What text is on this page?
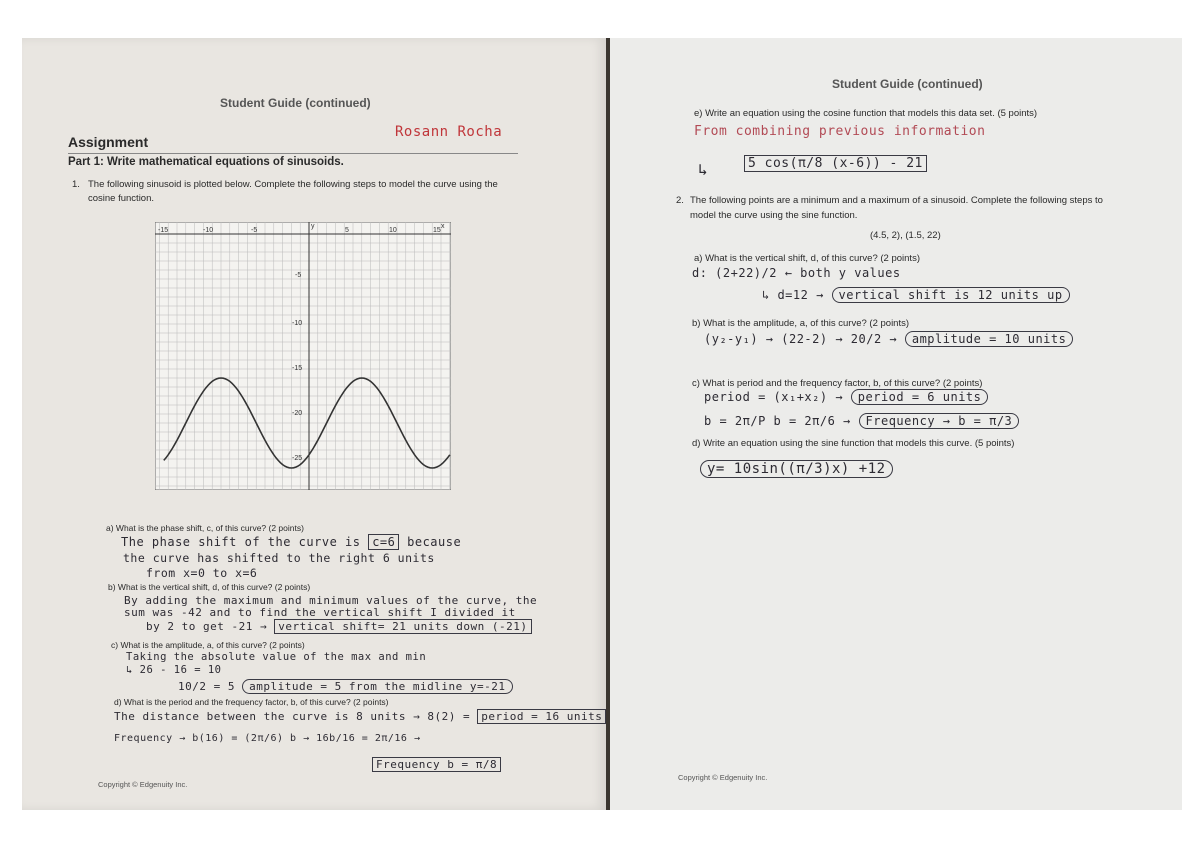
Student Guide (continued)
Assignment
Rosann Rocha
Part 1: Write mathematical equations of sinusoids.
1. The following sinusoid is plotted below. Complete the following steps to model the curve using the
cosine function.
-15	-10	-5	5	10	15
x
y
-5
-10
-15
-20
-25
a) What is the phase shift, c, of this curve? (2 points)
The phase shift of the curve is c=6 because
the curve has shifted to the right 6 units
from x=0 to x=6
b) What is the vertical shift, d, of this curve? (2 points)
By adding the maximum and minimum values of the curve, the
sum was -42 and to find the vertical shift I divided it
by 2 to get -21 → vertical shift= 21 units down (-21)
c) What is the amplitude, a, of this curve? (2 points)
Taking the absolute value of the max and min
↳ 26 - 16 = 10
10/2 = 5 amplitude = 5 from the midline y=-21
d) What is the period and the frequency factor, b, of this curve? (2 points)
The distance between the curve is 8 units → 8(2) = period = 16 units
Frequency → b(16) = (2π/6) b → 16b/16 = 2π/16 →
Frequency b = π/8
Copyright © Edgenuity Inc.
Student Guide (continued)
e) Write an equation using the cosine function that models this data set. (5 points)
From combining previous information
↳	5 cos(π/8 (x-6)) - 21
2. The following points are a minimum and a maximum of a sinusoid. Complete the following steps to
model the curve using the sine function.
(4.5, 2), (1.5, 22)
a) What is the vertical shift, d, of this curve? (2 points)
d: (2+22)/2 ← both y values
↳ d=12 → vertical shift is 12 units up
b) What is the amplitude, a, of this curve? (2 points)
(y₂-y₁) → (22-2) → 20/2 → amplitude = 10 units
c) What is period and the frequency factor, b, of this curve? (2 points)
period = (x₁+x₂) → period = 6 units
b = 2π/P b = 2π/6 → Frequency → b = π/3
d) Write an equation using the sine function that models this curve. (5 points)
y= 10sin((π/3)x) +12
Copyright © Edgenuity Inc.
